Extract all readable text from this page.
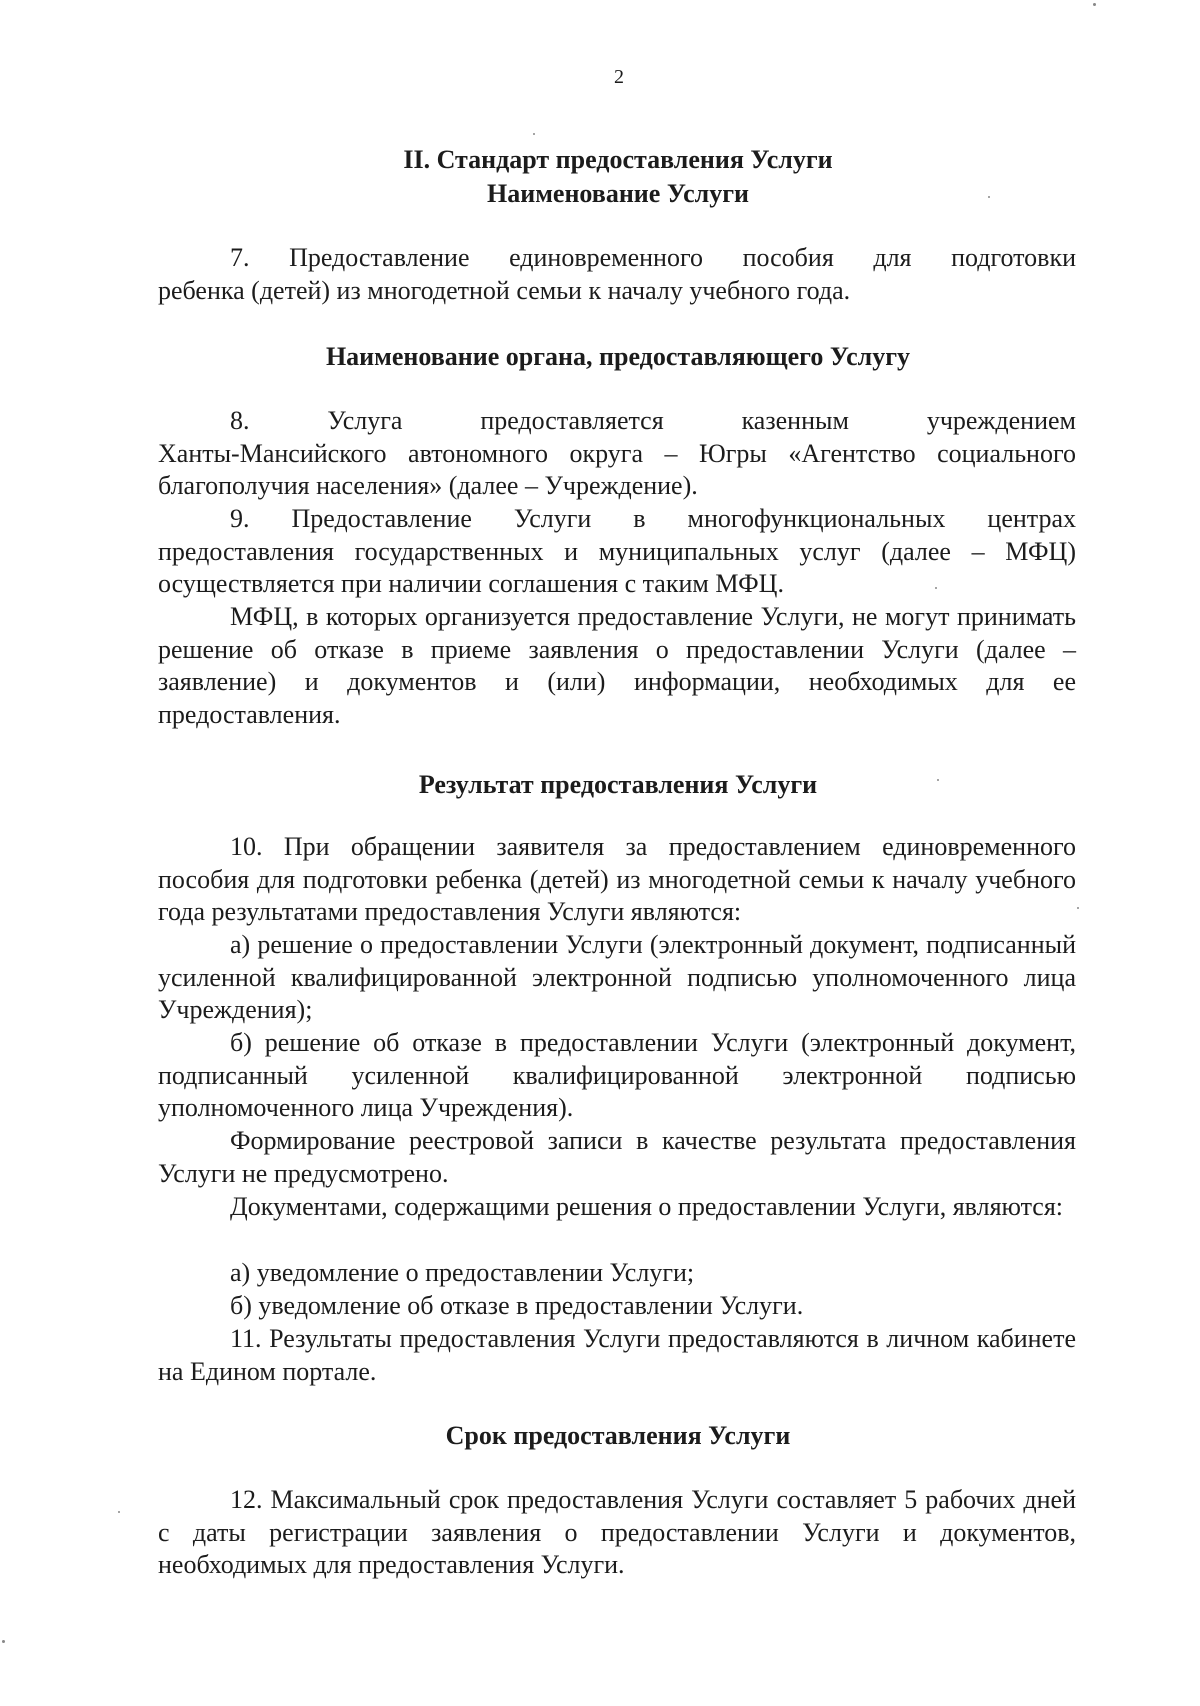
2
II. Стандарт предоставления Услуги
Наименование Услуги
7. Предоставление единовременного пособия для подготовки
ребенка (детей) из многодетной семьи к началу учебного года.
Наименование органа, предоставляющего Услугу
8. Услуга предоставляется казенным учреждением
Ханты-Мансийского автономного округа – Югры «Агентство социального благополучия населения» (далее – Учреждение).
9. Предоставление Услуги в многофункциональных центрах предоставления государственных и муниципальных услуг (далее – МФЦ) осуществляется при наличии соглашения с таким МФЦ.
МФЦ, в которых организуется предоставление Услуги, не могут принимать решение об отказе в приеме заявления о предоставлении Услуги (далее – заявление) и документов и (или) информации, необходимых для ее предоставления.
Результат предоставления Услуги
10. При обращении заявителя за предоставлением единовременного пособия для подготовки ребенка (детей) из многодетной семьи к началу учебного года результатами предоставления Услуги являются:
а) решение о предоставлении Услуги (электронный документ, подписанный усиленной квалифицированной электронной подписью уполномоченного лица Учреждения);
б) решение об отказе в предоставлении Услуги (электронный документ, подписанный усиленной квалифицированной электронной подписью уполномоченного лица Учреждения).
Формирование реестровой записи в качестве результата предоставления Услуги не предусмотрено.
Документами, содержащими решения о предоставлении Услуги, являются:
а) уведомление о предоставлении Услуги;
б) уведомление об отказе в предоставлении Услуги.
11. Результаты предоставления Услуги предоставляются в личном кабинете на Едином портале.
Срок предоставления Услуги
12. Максимальный срок предоставления Услуги составляет 5 рабочих дней с даты регистрации заявления о предоставлении Услуги и документов, необходимых для предоставления Услуги.
